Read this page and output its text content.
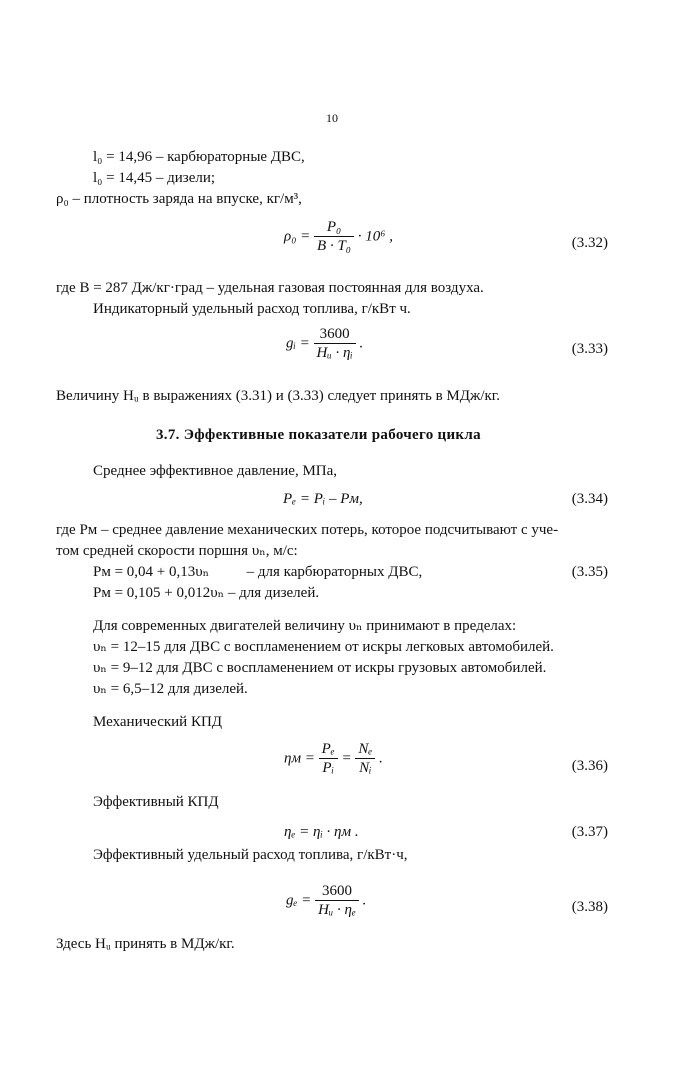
10
l₀ = 14,96 – карбюраторные ДВС,
l₀ = 14,45 – дизели;
ρ₀ – плотность заряда на впуске, кг/м³,
$\rho_0 = \frac{\text{P₀}}{\text{B · T₀}} \cdot 10^6$ ,	(3.32)
где B = 287 Дж/кг·град – удельная газовая постоянная для воздуха.
Индикаторный удельный расход топлива, г/кВт ч.
gᵢ = $\frac{3600}{\text{Hᵤ · ηᵢ}}$ .	(3.33)
Величину Hᵤ в выражениях (3.31) и (3.33) следует принять в МДж/кг.
3.7. Эффективные показатели рабочего цикла
Среднее эффективное давление, МПа,
Pₑ = Pᵢ – Pм,	(3.34)
где Pм – среднее давление механических потерь, которое подсчитывают с уче-
том средней скорости поршня υₙ, м/с:
Pм = 0,04 + 0,13υₙ          – для карбюраторных ДВС,	(3.35)
Pм = 0,105 + 0,012υₙ – для дизелей.
Для современных двигателей величину υₙ принимают в пределах:
υₙ = 12–15 для ДВС с воспламенением от искры легковых автомобилей.
υₙ = 9–12 для ДВС с воспламенением от искры грузовых автомобилей.
υₙ = 6,5–12 для дизелей.
Механический КПД
$\eta м = \frac{\text{Pₑ}}{\text{Pᵢ}} = \frac{\text{Nₑ}}{\text{Nᵢ}}$ .	(3.36)
Эффективный КПД
ηₑ = ηᵢ · ηм .	(3.37)
Эффективный удельный расход топлива, г/кВт·ч,
$g_e = \frac{3600}{\text{Hᵤ · ηₑ}}$ .	(3.38)
Здесь Hᵤ принять в МДж/кг.
